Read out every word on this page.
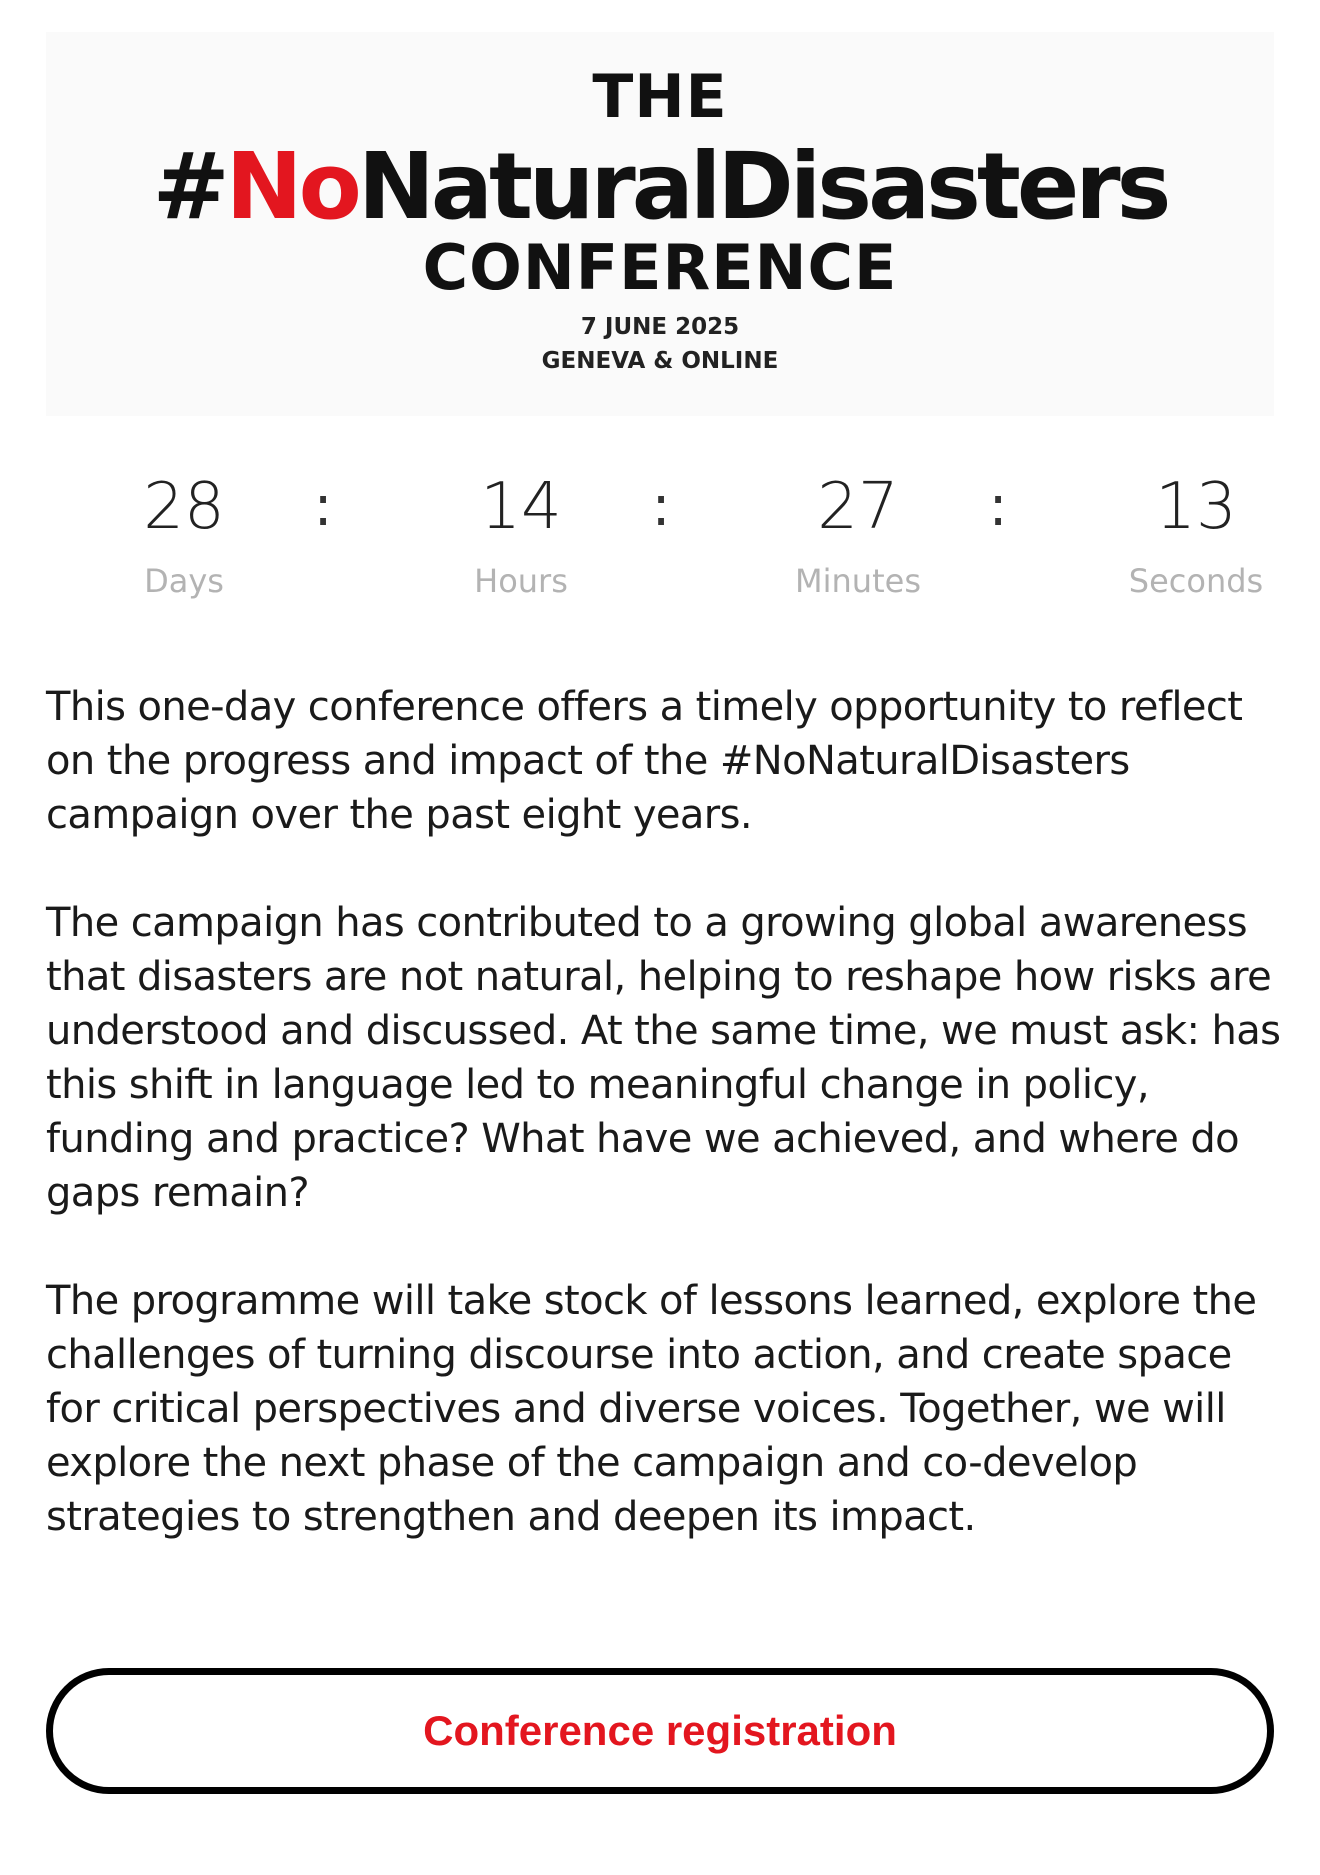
THE
#NoNaturalDisasters
CONFERENCE
7 JUNE 2025
GENEVA & ONLINE
28
Days
:	14
Hours
:	27
Minutes
:	13
Seconds

This one-day conference offers a timely opportunity to reflect on the progress and impact of the #NoNaturalDisasters campaign over the past eight years.

The campaign has contributed to a growing global awareness that disasters are not natural, helping to reshape how risks are understood and discussed. At the same time, we must ask: has this shift in language led to meaningful change in policy, funding and practice? What have we achieved, and where do gaps remain?

The programme will take stock of lessons learned, explore the challenges of turning discourse into action, and create space for critical perspectives and diverse voices. Together, we will explore the next phase of the campaign and co-develop strategies to strengthen and deepen its impact.

Conference registration
